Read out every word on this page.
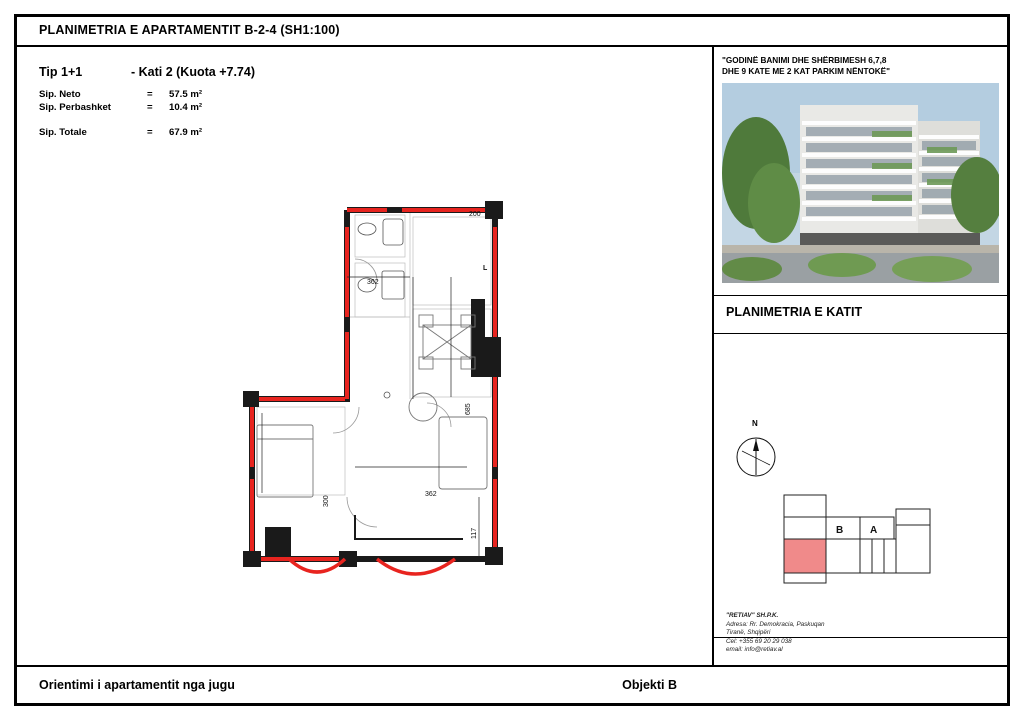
PLANIMETRIA E APARTAMENTIT B-2-4 (SH1:100)
Tip 1+1	- Kati 2 (Kuota +7.74)
Sip. Neto	=	57.5 m²
Sip. Perbashket	=	10.4 m²

Sip. Totale	=	67.9 m²
200
362
685
300
362
117
L
"GODINË BANIMI DHE SHËRBIMESH 6,7,8
DHE 9 KATE ME 2 KAT PARKIM NËNTOKË"
PLANIMETRIA E KATIT
N
B	A
"RETIAV" SH.P.K.
Adresa: Rr. Demokracia, Paskuqan
Tiranë, Shqipëri
Cel: +355 69 20 29 038
email: info@retiav.al
Orientimi i apartamentit nga jugu	Objekti B
